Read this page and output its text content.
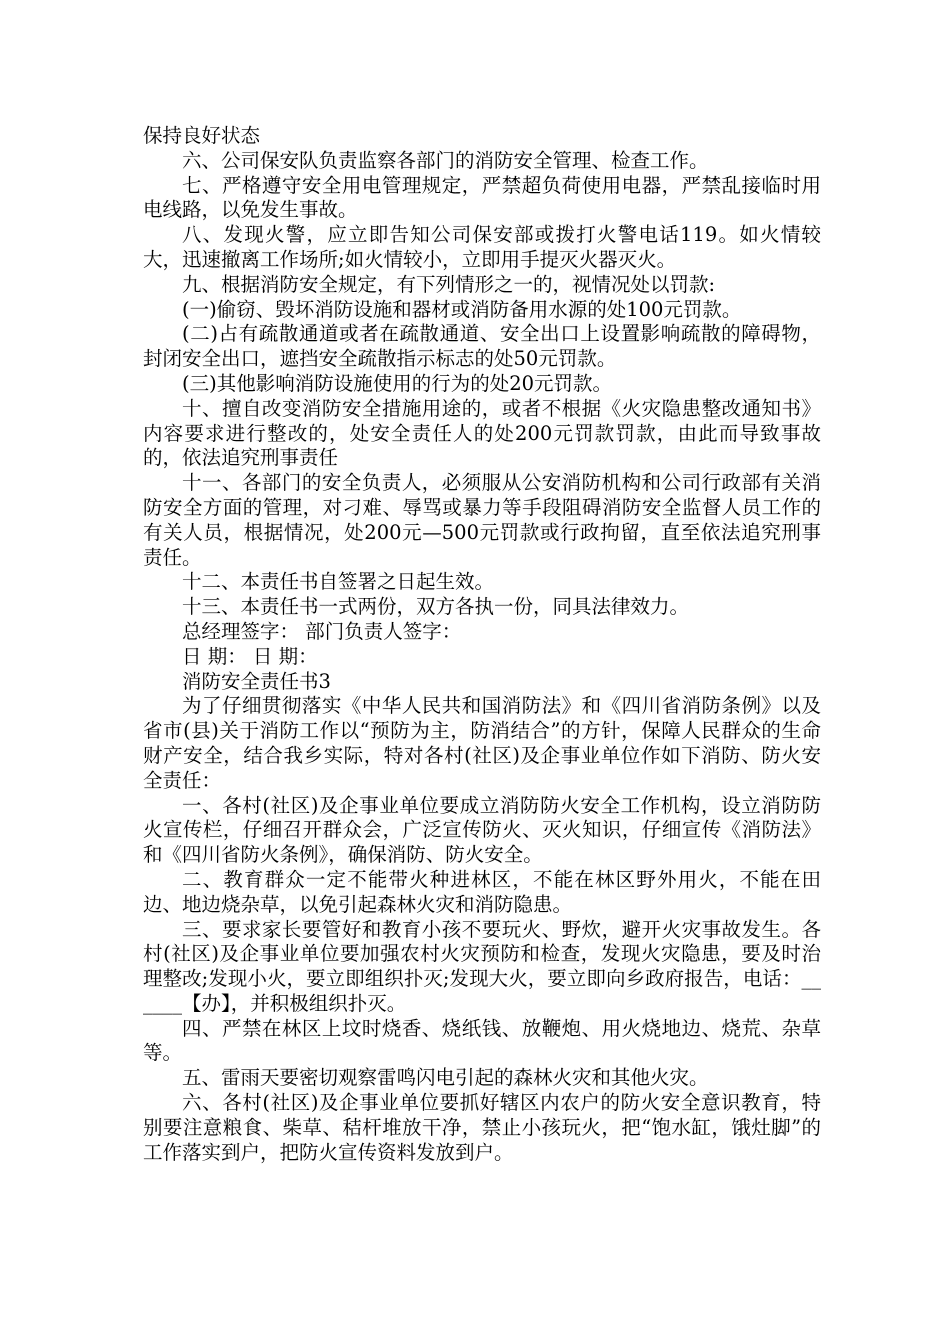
保持良好状态

六、公司保安队负责监察各部门的消防安全管理、检查工作。

七、严格遵守安全用电管理规定，严禁超负荷使用电器，严禁乱接临时用电线路，以免发生事故。

八、发现火警，应立即告知公司保安部或拨打火警电话119。如火情较大，迅速撤离工作场所;如火情较小，立即用手提灭火器灭火。

九、根据消防安全规定，有下列情形之一的，视情况处以罚款:

(一)偷窃、毁坏消防设施和器材或消防备用水源的处100元罚款。

(二)占有疏散通道或者在疏散通道、安全出口上设置影响疏散的障碍物，封闭安全出口，遮挡安全疏散指示标志的处50元罚款。

(三)其他影响消防设施使用的行为的处20元罚款。

十、擅自改变消防安全措施用途的，或者不根据《火灾隐患整改通知书》内容要求进行整改的，处安全责任人的处200元罚款罚款，由此而导致事故的，依法追究刑事责任

十一、各部门的安全负责人，必须服从公安消防机构和公司行政部有关消防安全方面的管理，对刁难、辱骂或暴力等手段阻碍消防安全监督人员工作的有关人员，根据情况，处200元—500元罚款或行政拘留，直至依法追究刑事责任。

十二、本责任书自签署之日起生效。

十三、本责任书一式两份，双方各执一份，同具法律效力。

总经理签字： 部门负责人签字：

日 期： 日 期：

消防安全责任书3

为了仔细贯彻落实《中华人民共和国消防法》和《四川省消防条例》以及省市(县)关于消防工作以“预防为主，防消结合”的方针，保障人民群众的生命财产安全，结合我乡实际，特对各村(社区)及企事业单位作如下消防、防火安全责任：

一、各村(社区)及企事业单位要成立消防防火安全工作机构，设立消防防火宣传栏，仔细召开群众会，广泛宣传防火、灭火知识，仔细宣传《消防法》和《四川省防火条例》，确保消防、防火安全。

二、教育群众一定不能带火种进林区，不能在林区野外用火，不能在田边、地边烧杂草，以免引起森林火灾和消防隐患。

三、要求家长要管好和教育小孩不要玩火、野炊，避开火灾事故发生。各村(社区)及企事业单位要加强农村火灾预防和检查，发现火灾隐患，要及时治理整改;发现小火，要立即组织扑灭;发现大火，要立即向乡政府报告，电话：______【办】，并积极组织扑灭。

四、严禁在林区上坟时烧香、烧纸钱、放鞭炮、用火烧地边、烧荒、杂草等。

五、雷雨天要密切观察雷鸣闪电引起的森林火灾和其他火灾。

六、各村(社区)及企事业单位要抓好辖区内农户的防火安全意识教育，特别要注意粮食、柴草、秸杆堆放干净，禁止小孩玩火，把“饱水缸，饿灶脚”的工作落实到户，把防火宣传资料发放到户。
